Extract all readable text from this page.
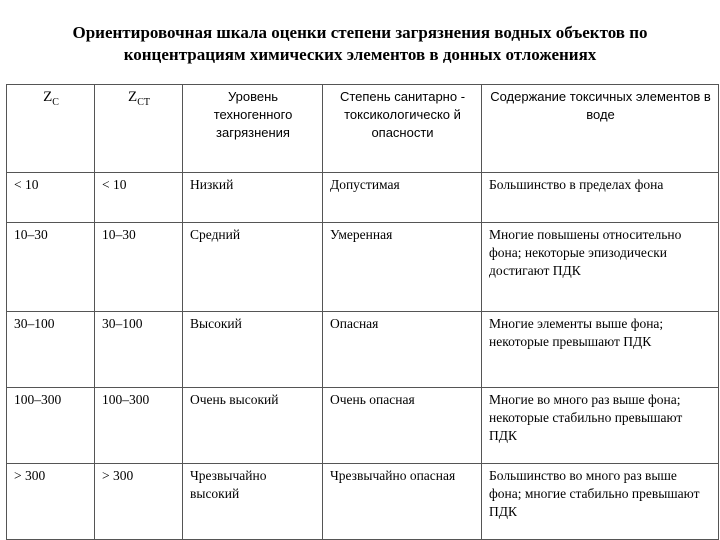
Ориентировочная шкала оценки степени загрязнения водных объектов по
концентрациям химических элементов в донных отложениях
$Z_C$	$Z_{CT}$	Уровень техногенного загрязнения	Степень санитарно - токсикологическо й опасности	Содержание токсичных элементов в воде
< 10	< 10	Низкий	Допустимая	Большинство в пределах фона
10–30	10–30	Средний	Умеренная	Многие повышены относительно фона; некоторые эпизодически достигают ПДК
30–100	30–100	Высокий	Опасная	Многие элементы выше фона; некоторые превышают ПДК
100–300	100–300	Очень высокий	Очень опасная	Многие во много раз выше фона; некоторые стабильно превышают ПДК
> 300	> 300	Чрезвычайно высокий	Чрезвычайно опасная	Большинство во много раз выше фона; многие стабильно превышают ПДК
